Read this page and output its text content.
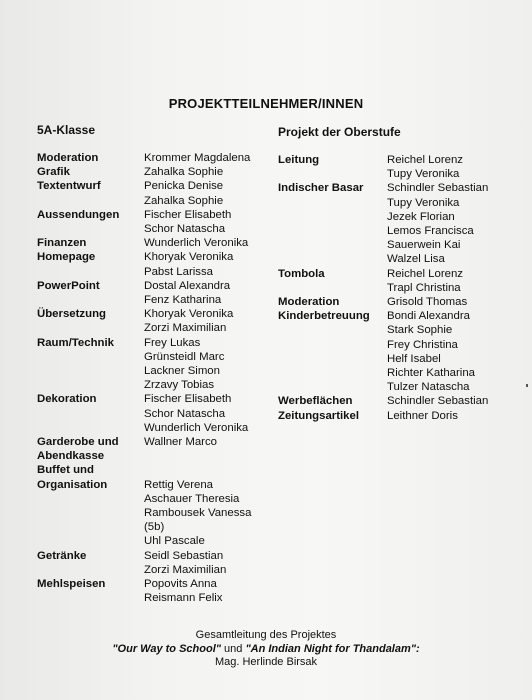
PROJEKTTEILNEHMER/INNEN
5A-Klasse	Projekt der Oberstufe
Moderation	Krommer Magdalena
Grafik	Zahalka Sophie
Textentwurf	Penicka Denise
Zahalka Sophie
Aussendungen	Fischer Elisabeth
Schor Natascha
Finanzen	Wunderlich Veronika
Homepage	Khoryak Veronika
Pabst Larissa
PowerPoint	Dostal Alexandra
Fenz Katharina
Übersetzung	Khoryak Veronika
Zorzi Maximilian
Raum/Technik	Frey Lukas
Grünsteidl Marc
Lackner Simon
Zrzavy Tobias
Dekoration	Fischer Elisabeth
Schor Natascha
Wunderlich Veronika
Garderobe und	Wallner Marco
Abendkasse
Buffet und
Organisation	Rettig Verena
Aschauer Theresia
Rambousek Vanessa
(5b)
Uhl Pascale
Getränke	Seidl Sebastian
Zorzi Maximilian
Mehlspeisen	Popovits Anna
Reismann Felix
Leitung	Reichel Lorenz
Tupy Veronika
Indischer Basar	Schindler Sebastian
Tupy Veronika
Jezek Florian
Lemos Francisca
Sauerwein Kai
Walzel Lisa
Tombola	Reichel Lorenz
Trapl Christina
Moderation	Grisold Thomas
Kinderbetreuung	Bondi Alexandra
Stark Sophie
Frey Christina
Helf Isabel
Richter Katharina
Tulzer Natascha
Werbeflächen	Schindler Sebastian
Zeitungsartikel	Leithner Doris
Gesamtleitung des Projektes
"Our Way to School" und "An Indian Night for Thandalam":
Mag. Herlinde Birsak
